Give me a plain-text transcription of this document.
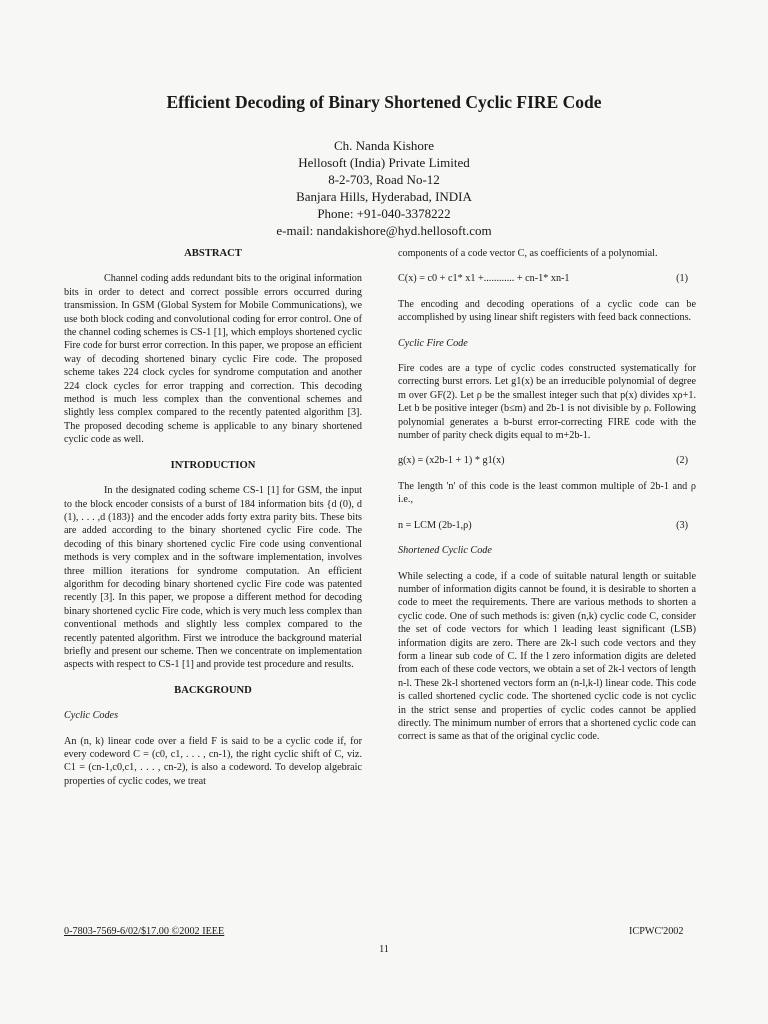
Efficient Decoding of Binary Shortened Cyclic FIRE Code
Ch. Nanda Kishore
Hellosoft (India) Private Limited
8-2-703, Road No-12
Banjara Hills, Hyderabad, INDIA
Phone: +91-040-3378222
e-mail: nandakishore@hyd.hellosoft.com
ABSTRACT

Channel coding adds redundant bits to the original information bits in order to detect and correct possible errors occurred during transmission. In GSM (Global System for Mobile Communications), we use both block coding and convolutional coding for error control. One of the channel coding schemes is CS-1 [1], which employs shortened cyclic Fire code for burst error correction. In this paper, we propose an efficient way of decoding shortened binary cyclic Fire code. The proposed scheme takes 224 clock cycles for syndrome computation and another 224 clock cycles for error trapping and correction. This decoding method is much less complex than the conventional schemes and slightly less complex compared to the recently patented algorithm [3]. The proposed decoding scheme is applicable to any binary shortened cyclic code as well.

INTRODUCTION

In the designated coding scheme CS-1 [1] for GSM, the input to the block encoder consists of a burst of 184 information bits {d (0), d (1), . . . ,d (183)} and the encoder adds forty extra parity bits. These bits are added according to the binary shortened cyclic Fire code. The decoding of this binary shortened cyclic Fire code using conventional methods is very complex and in the software implementation, involves three million iterations for syndrome computation. An efficient algorithm for decoding binary shortened cyclic Fire code was patented recently [3]. In this paper, we propose a different method for decoding binary shortened cyclic Fire code, which is very much less complex than conventional methods and slightly less complex compared to the recently patented algorithm. First we introduce the background material briefly and present our scheme. Then we concentrate on implementation aspects with respect to CS-1 [1] and provide test procedure and results.

BACKGROUND
Cyclic Codes

An (n, k) linear code over a field F is said to be a cyclic code if, for every codeword C = (c0, c1, . . . , cn-1), the right cyclic shift of C, viz. C1 = (cn-1,c0,c1, . . . , cn-2), is also a codeword. To develop algebraic properties of cyclic codes, we treat

components of a code vector C, as coefficients of a polynomial.

C(x) = c0 + c1* x1 +............ + cn-1* xn-1	(1)

The encoding and decoding operations of a cyclic code can be accomplished by using linear shift registers with feed back connections.

Cyclic Fire Code

Fire codes are a type of cyclic codes constructed systematically for correcting burst errors. Let g1(x) be an irreducible polynomial of degree m over GF(2). Let ρ be the smallest integer such that p(x) divides xρ+1. Let b be positive integer (b≤m) and 2b-1 is not divisible by ρ. Following polynomial generates a b-burst error-correcting FIRE code with the number of parity check digits equal to m+2b-1.

g(x) = (x2b-1 + 1) * g1(x)	(2)

The length 'n' of this code is the least common multiple of 2b-1 and ρ i.e.,

n = LCM (2b-1,ρ)	(3)
Shortened Cyclic Code

While selecting a code, if a code of suitable natural length or suitable number of information digits cannot be found, it is desirable to shorten a code to meet the requirements. There are various methods to shorten a cyclic code. One of such methods is: given (n,k) cyclic code C, consider the set of code vectors for which l leading least significant (LSB) information digits are zero. There are 2k-l such code vectors and they form a linear sub code of C. If the l zero information digits are deleted from each of these code vectors, we obtain a set of 2k-l vectors of length n-l. These 2k-l shortened vectors form an (n-l,k-l) linear code. This code is called shortened cyclic code. The shortened cyclic code is not cyclic in the strict sense and properties of cyclic codes cannot be applied directly. The minimum number of errors that a shortened cyclic code can correct is same as that of the original cyclic code.

0-7803-7569-6/02/$17.00 ©2002 IEEE	ICPWC'2002
11
